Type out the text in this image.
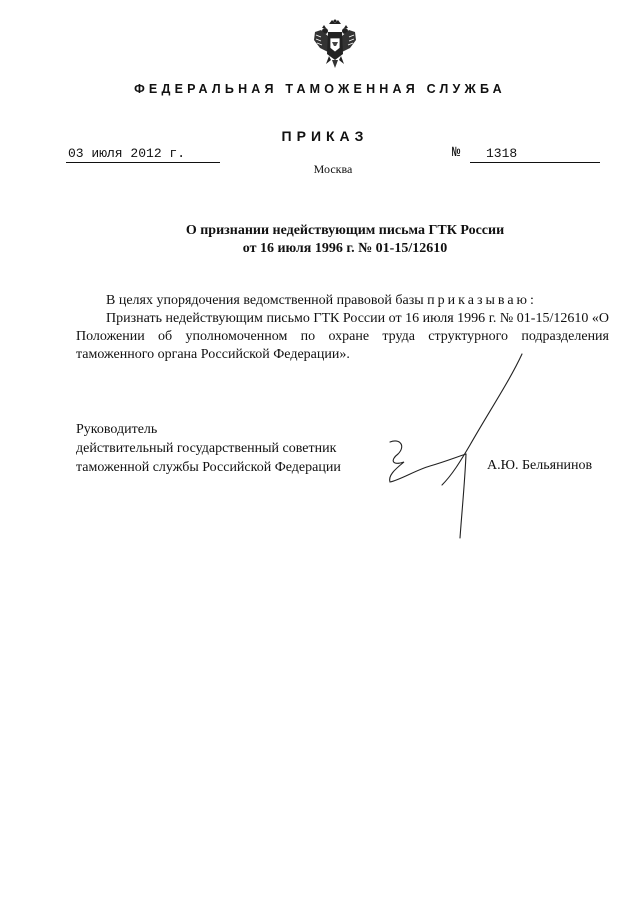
ФЕДЕРАЛЬНАЯ ТАМОЖЕННАЯ СЛУЖБА
ПРИКАЗ
03 июля 2012 г.	№	1318
Москва
О признании недействующим письма ГТК России
от 16 июля 1996 г. № 01-15/12610

В целях упорядочения ведомственной правовой базы приказываю:

Признать недействующим письмо ГТК России от 16 июля 1996 г. № 01-15/12610 «О Положении об уполномоченном по охране труда структурного подразделения таможенного органа Российской Федерации».

Руководитель
действительный государственный советник
таможенной службы Российской Федерации	А.Ю. Бельянинов
